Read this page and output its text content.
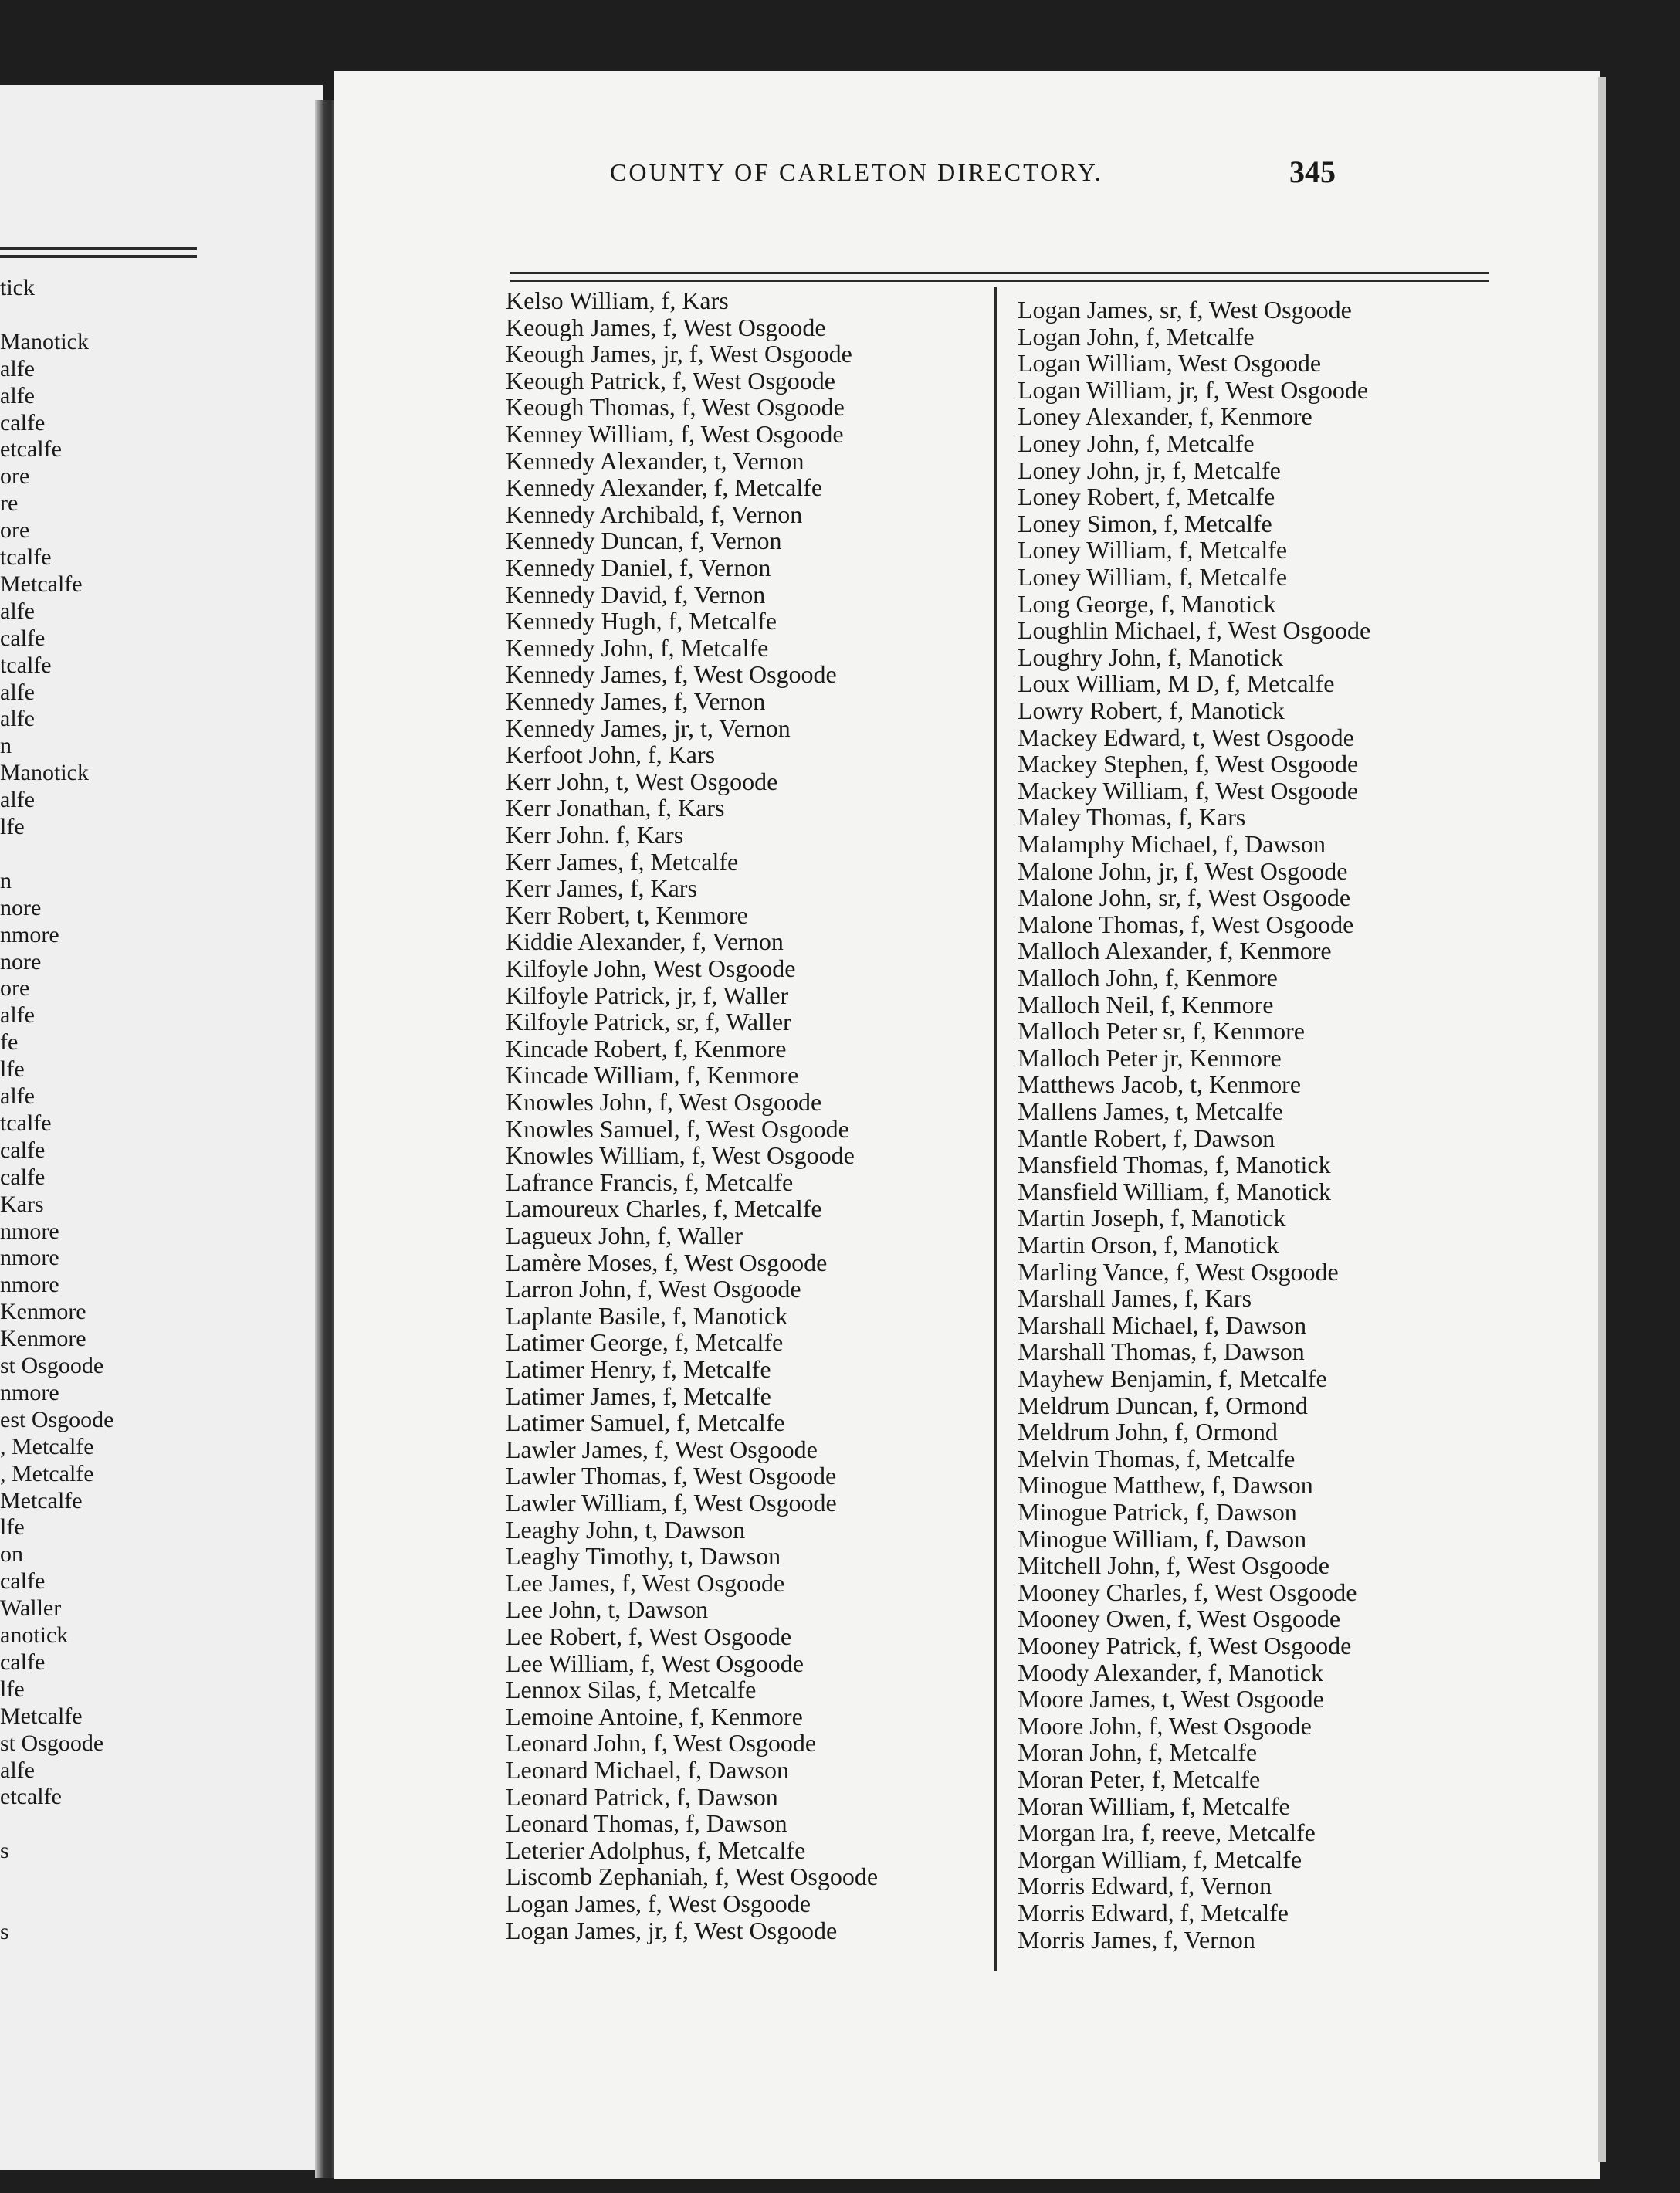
tick
Manotick
alfe
alfe
calfe
etcalfe
ore
re
ore
tcalfe
Metcalfe
alfe
calfe
tcalfe
alfe
alfe
n
Manotick
alfe
lfe
n
nore
nmore
nore
ore
alfe
fe
lfe
alfe
tcalfe
calfe
calfe
Kars
nmore
nmore
nmore
Kenmore
Kenmore
st Osgoode
nmore
est Osgoode
, Metcalfe
, Metcalfe
Metcalfe
lfe
on
calfe
Waller
anotick
calfe
lfe
Metcalfe
st Osgoode
alfe
etcalfe
s
s
COUNTY OF CARLETON DIRECTORY.	345
Kelso William, f, Kars
Keough James, f, West Osgoode
Keough James, jr, f, West Osgoode
Keough Patrick, f, West Osgoode
Keough Thomas, f, West Osgoode
Kenney William, f, West Osgoode
Kennedy Alexander, t, Vernon
Kennedy Alexander, f, Metcalfe
Kennedy Archibald, f, Vernon
Kennedy Duncan, f, Vernon
Kennedy Daniel, f, Vernon
Kennedy David, f, Vernon
Kennedy Hugh, f, Metcalfe
Kennedy John, f, Metcalfe
Kennedy James, f, West Osgoode
Kennedy James, f, Vernon
Kennedy James, jr, t, Vernon
Kerfoot John, f, Kars
Kerr John, t, West Osgoode
Kerr Jonathan, f, Kars
Kerr John. f, Kars
Kerr James, f, Metcalfe
Kerr James, f, Kars
Kerr Robert, t, Kenmore
Kiddie Alexander, f, Vernon
Kilfoyle John, West Osgoode
Kilfoyle Patrick, jr, f, Waller
Kilfoyle Patrick, sr, f, Waller
Kincade Robert, f, Kenmore
Kincade William, f, Kenmore
Knowles John, f, West Osgoode
Knowles Samuel, f, West Osgoode
Knowles William, f, West Osgoode
Lafrance Francis, f, Metcalfe
Lamoureux Charles, f, Metcalfe
Lagueux John, f, Waller
Lamère Moses, f, West Osgoode
Larron John, f, West Osgoode
Laplante Basile, f, Manotick
Latimer George, f, Metcalfe
Latimer Henry, f, Metcalfe
Latimer James, f, Metcalfe
Latimer Samuel, f, Metcalfe
Lawler James, f, West Osgoode
Lawler Thomas, f, West Osgoode
Lawler William, f, West Osgoode
Leaghy John, t, Dawson
Leaghy Timothy, t, Dawson
Lee James, f, West Osgoode
Lee John, t, Dawson
Lee Robert, f, West Osgoode
Lee William, f, West Osgoode
Lennox Silas, f, Metcalfe
Lemoine Antoine, f, Kenmore
Leonard John, f, West Osgoode
Leonard Michael, f, Dawson
Leonard Patrick, f, Dawson
Leonard Thomas, f, Dawson
Leterier Adolphus, f, Metcalfe
Liscomb Zephaniah, f, West Osgoode
Logan James, f, West Osgoode
Logan James, jr, f, West Osgoode
Logan James, sr, f, West Osgoode
Logan John, f, Metcalfe
Logan William, West Osgoode
Logan William, jr, f, West Osgoode
Loney Alexander, f, Kenmore
Loney John, f, Metcalfe
Loney John, jr, f, Metcalfe
Loney Robert, f, Metcalfe
Loney Simon, f, Metcalfe
Loney William, f, Metcalfe
Loney William, f, Metcalfe
Long George, f, Manotick
Loughlin Michael, f, West Osgoode
Loughry John, f, Manotick
Loux William, M D, f, Metcalfe
Lowry Robert, f, Manotick
Mackey Edward, t, West Osgoode
Mackey Stephen, f, West Osgoode
Mackey William, f, West Osgoode
Maley Thomas, f, Kars
Malamphy Michael, f, Dawson
Malone John, jr, f, West Osgoode
Malone John, sr, f, West Osgoode
Malone Thomas, f, West Osgoode
Malloch Alexander, f, Kenmore
Malloch John, f, Kenmore
Malloch Neil, f, Kenmore
Malloch Peter sr, f, Kenmore
Malloch Peter jr, Kenmore
Matthews Jacob, t, Kenmore
Mallens James, t, Metcalfe
Mantle Robert, f, Dawson
Mansfield Thomas, f, Manotick
Mansfield William, f, Manotick
Martin Joseph, f, Manotick
Martin Orson, f, Manotick
Marling Vance, f, West Osgoode
Marshall James, f, Kars
Marshall Michael, f, Dawson
Marshall Thomas, f, Dawson
Mayhew Benjamin, f, Metcalfe
Meldrum Duncan, f, Ormond
Meldrum John, f, Ormond
Melvin Thomas, f, Metcalfe
Minogue Matthew, f, Dawson
Minogue Patrick, f, Dawson
Minogue William, f, Dawson
Mitchell John, f, West Osgoode
Mooney Charles, f, West Osgoode
Mooney Owen, f, West Osgoode
Mooney Patrick, f, West Osgoode
Moody Alexander, f, Manotick
Moore James, t, West Osgoode
Moore John, f, West Osgoode
Moran John, f, Metcalfe
Moran Peter, f, Metcalfe
Moran William, f, Metcalfe
Morgan Ira, f, reeve, Metcalfe
Morgan William, f, Metcalfe
Morris Edward, f, Vernon
Morris Edward, f, Metcalfe
Morris James, f, Vernon
